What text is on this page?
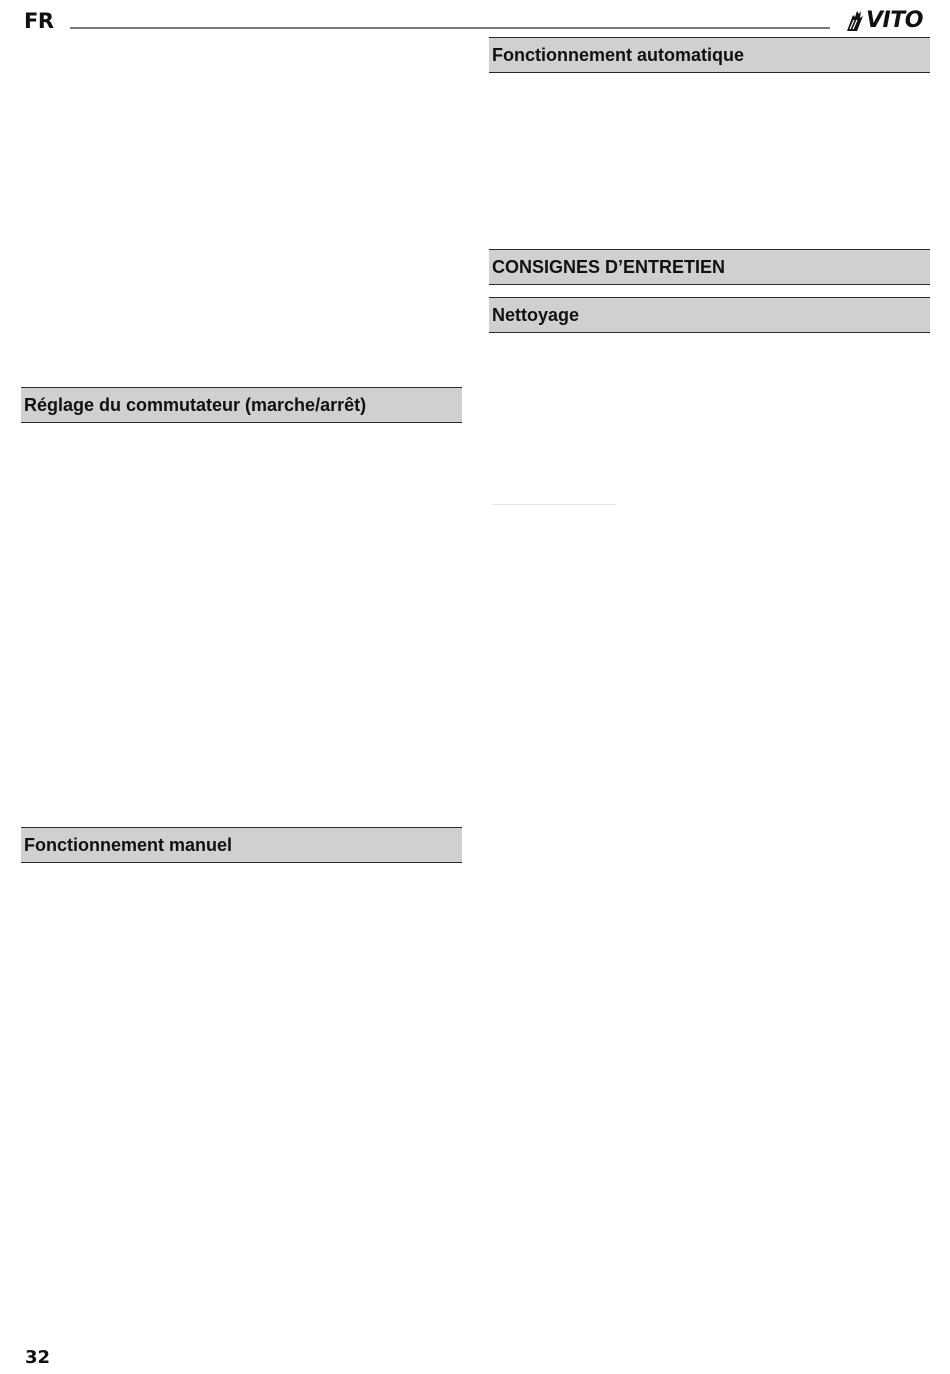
FR	VITO
Fonctionnement automatique
CONSIGNES D’ENTRETIEN
Nettoyage
Réglage du commutateur (marche/arrêt)
Fonctionnement manuel
32
